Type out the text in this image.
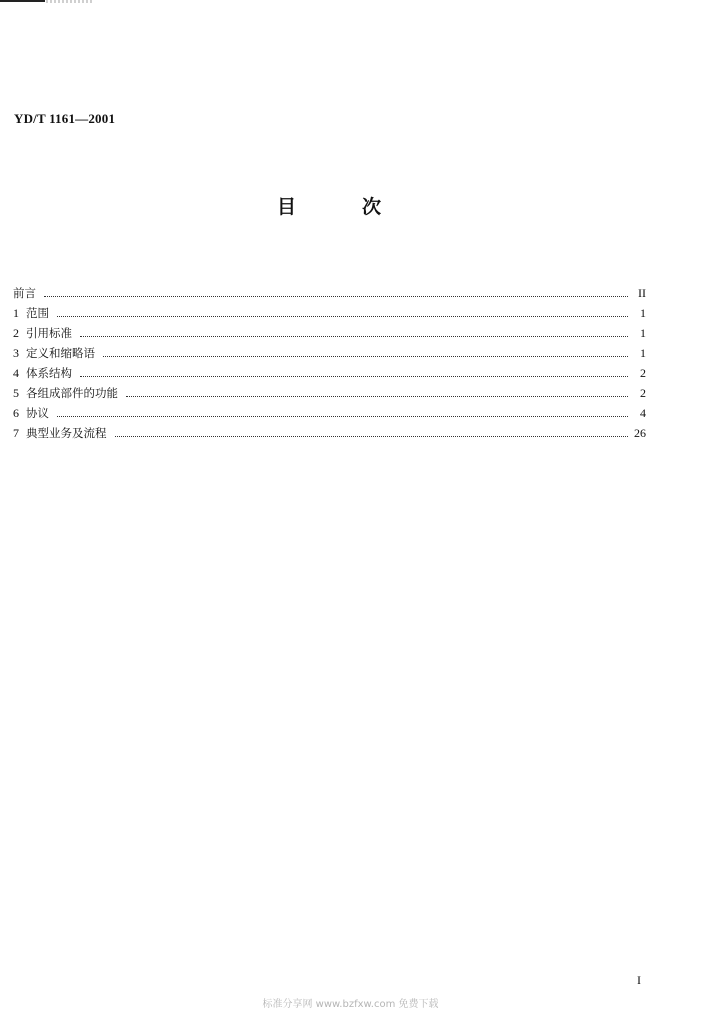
YD/T 1161—2001
目	次
前言	II
1 范围	1
2 引用标准	1
3 定义和缩略语	1
4 体系结构	2
5 各组成部件的功能	2
6 协议	4
7 典型业务及流程	26
I
标准分享网 www.bzfxw.com 免费下载
